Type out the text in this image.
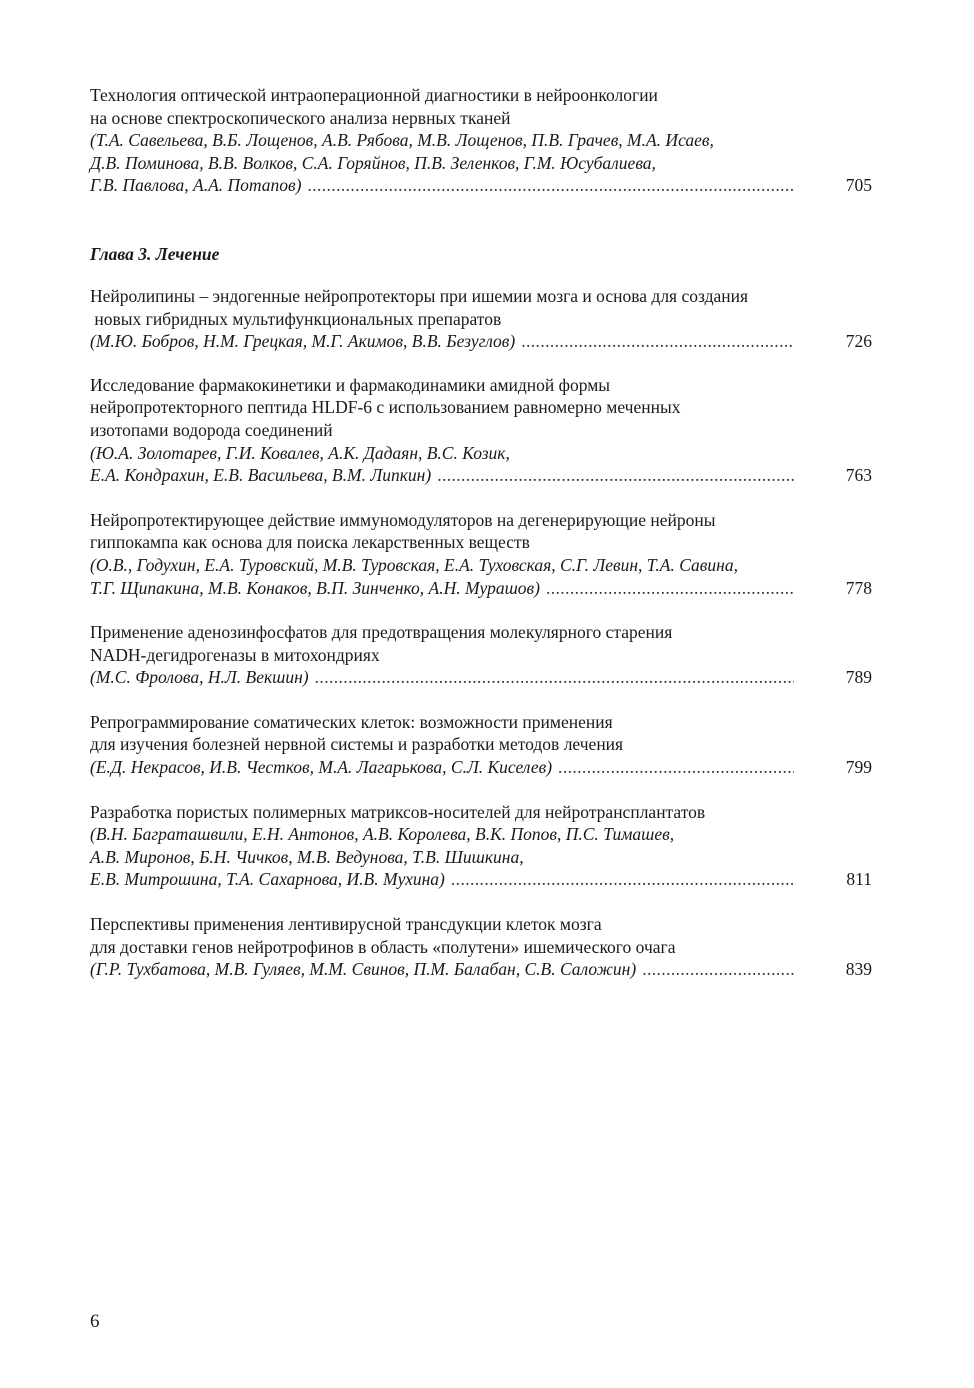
Технология оптической интраоперационной диагностики в нейроонкологии
на основе спектроскопического анализа нервных тканей
(Т.А. Савельева, В.Б. Лощенов, А.В. Рябова, М.В. Лощенов, П.В. Грачев, М.А. Исаев,
Д.В. Поминова, В.В. Волков, С.А. Горяйнов, П.В. Зеленков, Г.М. Юсубалиева,
Г.В. Павлова, А.А. Потапов) .....	705
Глава 3. Лечение
Нейролипины – эндогенные нейропротекторы при ишемии мозга и основа для создания
новых гибридных мультифункциональных препаратов
(М.Ю. Бобров, Н.М. Грецкая, М.Г. Акимов, В.В. Безуглов) .....	726
Исследование фармакокинетики и фармакодинамики амидной формы
нейропротекторного пептида HLDF-6 с использованием равномерно меченных
изотопами водорода соединений
(Ю.А. Золотарев, Г.И. Ковалев, А.К. Дадаян, В.С. Козик,
Е.А. Кондрахин, Е.В. Васильева, В.М. Липкин) .....	763
Нейропротектирующее действие иммуномодуляторов на дегенерирующие нейроны
гиппокампа как основа для поиска лекарственных веществ
(О.В., Годухин, Е.А. Туровский, М.В. Туровская, Е.А. Туховская, С.Г. Левин, Т.А. Савина,
Т.Г. Щипакина, М.В. Конаков, В.П. Зинченко, А.Н. Мурашов) .....	778
Применение аденозинфосфатов для предотвращения молекулярного старения
NADH-дегидрогеназы в митохондриях
(М.С. Фролова, Н.Л. Векшин) .....	789
Репрограммирование соматических клеток: возможности применения
для изучения болезней нервной системы и разработки методов лечения
(Е.Д. Некрасов, И.В. Честков, М.А. Лагарькова, С.Л. Киселев) .....	799
Разработка пористых полимерных матриксов-носителей для нейротрансплантатов
(В.Н. Баграташвили, Е.Н. Антонов, А.В. Королева, В.К. Попов, П.С. Тимашев,
А.В. Миронов, Б.Н. Чичков, М.В. Ведунова, Т.В. Шишкина,
Е.В. Митрошина, Т.А. Сахарнова, И.В. Мухина) .....	811
Перспективы применения лентивирусной трансдукции клеток мозга
для доставки генов нейротрофинов в область «полутени» ишемического очага
(Г.Р. Тухбатова, М.В. Гуляев, М.М. Свинов, П.М. Балабан, С.В. Саложин) .....	839
6
